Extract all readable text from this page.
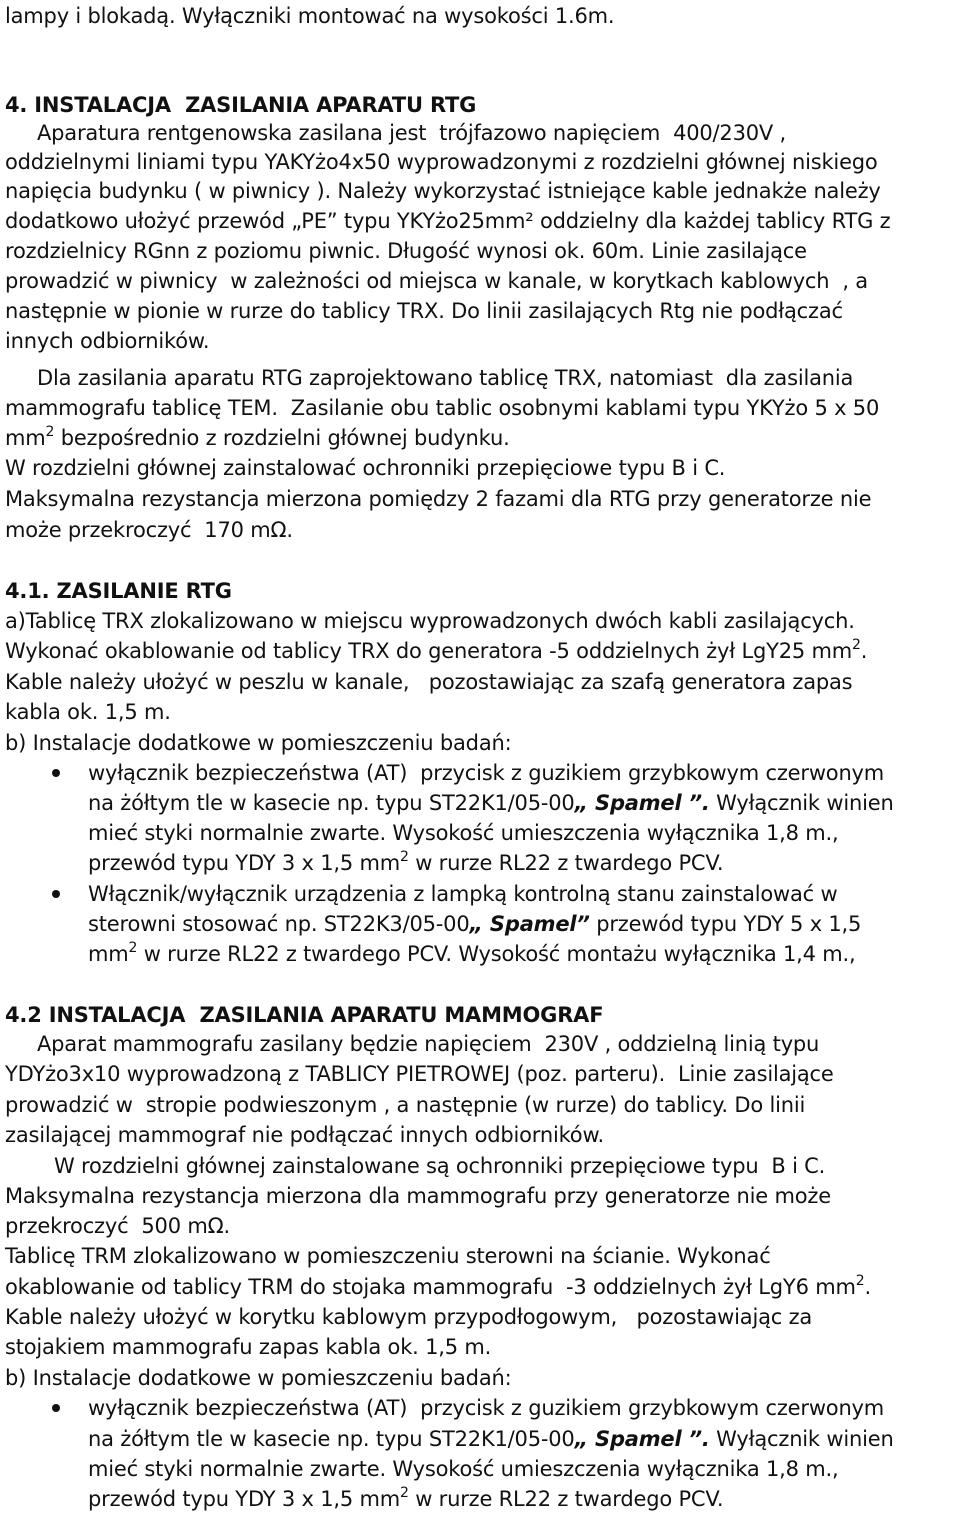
lampy i blokadą. Wyłączniki montować na wysokości 1.6m.
4. INSTALACJA  ZASILANIA APARATU RTG
Aparatura rentgenowska zasilana jest  trójfazowo napięciem  400/230V ,
oddzielnymi liniami typu YAKYżo4x50 wyprowadzonymi z rozdzielni głównej niskiego
napięcia budynku ( w piwnicy ). Należy wykorzystać istniejące kable jednakże należy
dodatkowo ułożyć przewód „PE” typu YKYżo25mm² oddzielny dla każdej tablicy RTG z
rozdzielnicy RGnn z poziomu piwnic. Długość wynosi ok. 60m. Linie zasilające
prowadzić w piwnicy  w zależności od miejsca w kanale, w korytkach kablowych  , a
następnie w pionie w rurze do tablicy TRX. Do linii zasilających Rtg nie podłączać
innych odbiorników.
Dla zasilania aparatu RTG zaprojektowano tablicę TRX, natomiast  dla zasilania
mammografu tablicę TEM.  Zasilanie obu tablic osobnymi kablami typu YKYżo 5 x 50
$mm^2$ bezpośrednio z rozdzielni głównej budynku.
W rozdzielni głównej zainstalować ochronniki przepięciowe typu B i C.
Maksymalna rezystancja mierzona pomiędzy 2 fazami dla RTG przy generatorze nie
może przekroczyć  170 mΩ.
4.1. ZASILANIE RTG
a)Tablicę TRX zlokalizowano w miejscu wyprowadzonych dwóch kabli zasilających.
Wykonać okablowanie od tablicy TRX do generatora -5 oddzielnych żył LgY25 $mm^2$.
Kable należy ułożyć w peszlu w kanale,   pozostawiając za szafą generatora zapas
kabla ok. 1,5 m.
b) Instalacje dodatkowe w pomieszczeniu badań:
wyłącznik bezpieczeństwa (AT)  przycisk z guzikiem grzybkowym czerwonym
na żółtym tle w kasecie np. typu ST22K1/05-00„ Spamel ”. Wyłącznik winien
mieć styki normalnie zwarte. Wysokość umieszczenia wyłącznika 1,8 m.,
przewód typu YDY 3 x 1,5 $mm^2$ w rurze RL22 z twardego PCV.
Włącznik/wyłącznik urządzenia z lampką kontrolną stanu zainstalować w
sterowni stosować np. ST22K3/05-00„ Spamel” przewód typu YDY 5 x 1,5
$mm^2$ w rurze RL22 z twardego PCV. Wysokość montażu wyłącznika 1,4 m.,
4.2 INSTALACJA  ZASILANIA APARATU MAMMOGRAF
Aparat mammografu zasilany będzie napięciem  230V , oddzielną linią typu
YDYżo3x10 wyprowadzoną z TABLICY PIETROWEJ (poz. parteru).  Linie zasilające
prowadzić w  stropie podwieszonym , a następnie (w rurze) do tablicy. Do linii
zasilającej mammograf nie podłączać innych odbiorników.
W rozdzielni głównej zainstalowane są ochronniki przepięciowe typu  B i C.
Maksymalna rezystancja mierzona dla mammografu przy generatorze nie może
przekroczyć  500 mΩ.
Tablicę TRM zlokalizowano w pomieszczeniu sterowni na ścianie. Wykonać
okablowanie od tablicy TRM do stojaka mammografu  -3 oddzielnych żył LgY6 $mm^2$.
Kable należy ułożyć w korytku kablowym przypodłogowym,   pozostawiając za
stojakiem mammografu zapas kabla ok. 1,5 m.
b) Instalacje dodatkowe w pomieszczeniu badań:
wyłącznik bezpieczeństwa (AT)  przycisk z guzikiem grzybkowym czerwonym
na żółtym tle w kasecie np. typu ST22K1/05-00„ Spamel ”. Wyłącznik winien
mieć styki normalnie zwarte. Wysokość umieszczenia wyłącznika 1,8 m.,
przewód typu YDY 3 x 1,5 $mm^2$ w rurze RL22 z twardego PCV.
